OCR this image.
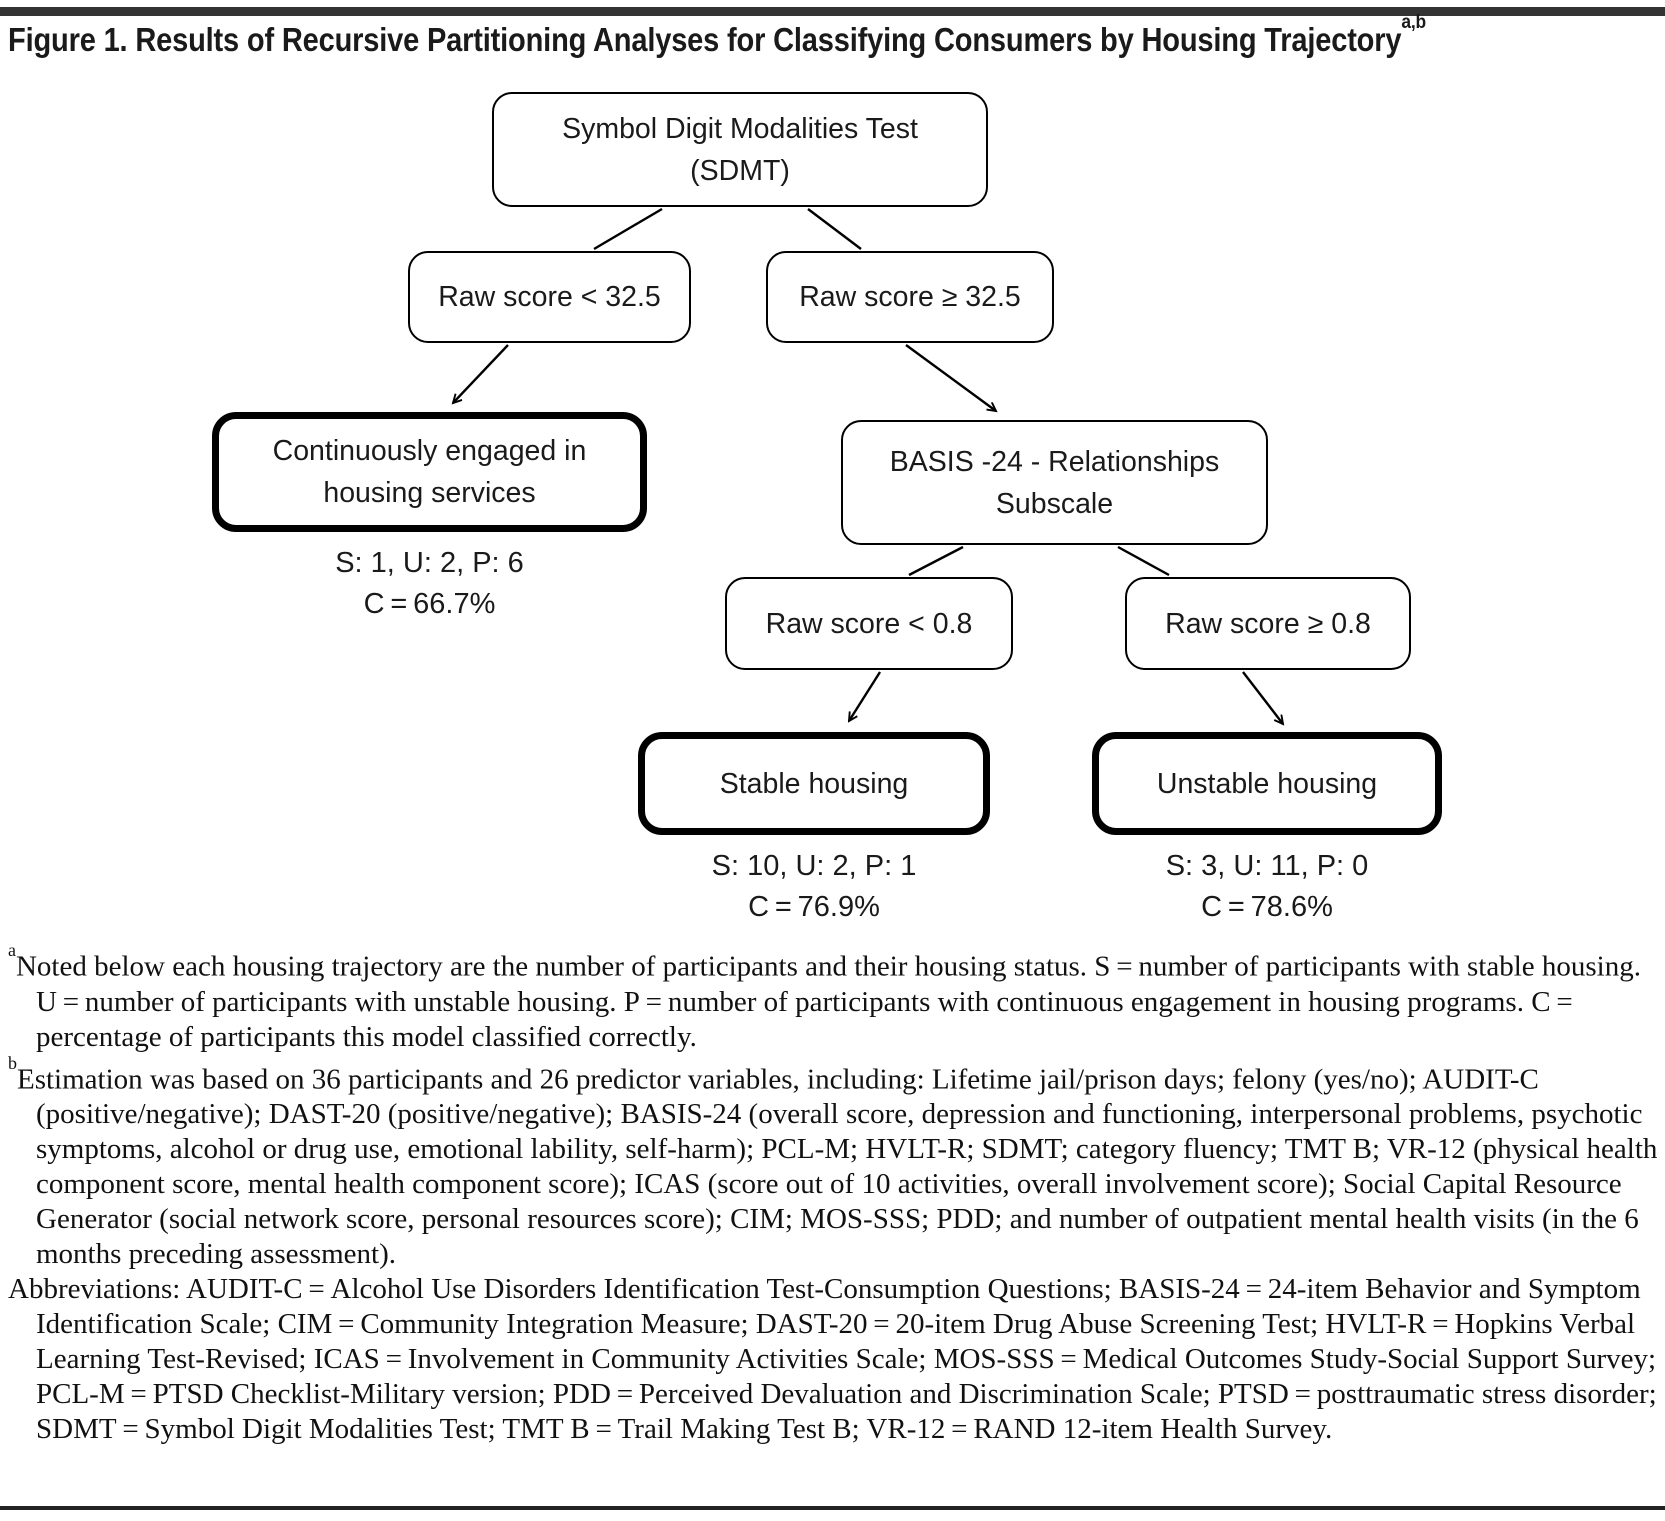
Figure 1. Results of Recursive Partitioning Analyses for Classifying Consumers by Housing Trajectory$^{a,b}$
Symbol Digit Modalities Test
(SDMT)
Raw score < 32.5	Raw score ≥ 32.5
Continuously engaged in
housing services
S: 1, U: 2, P: 6
C = 66.7%
BASIS -24 - Relationships
Subscale
Raw score < 0.8	Raw score ≥ 0.8
Stable housing
S: 10, U: 2, P: 1
C = 76.9%
Unstable housing
S: 3, U: 11, P: 0
C = 78.6%

$^a$Noted below each housing trajectory are the number of participants and their housing status. S = number of participants with stable housing. U = number of participants with unstable housing. P = number of participants with continuous engagement in housing programs. C = percentage of participants this model classified correctly.

$^b$Estimation was based on 36 participants and 26 predictor variables, including: Lifetime jail/prison days; felony (yes/no); AUDIT-C (positive/negative); DAST-20 (positive/negative); BASIS-24 (overall score, depression and functioning, interpersonal problems, psychotic symptoms, alcohol or drug use, emotional lability, self-harm); PCL-M; HVLT-R; SDMT; category fluency; TMT B; VR-12 (physical health component score, mental health component score); ICAS (score out of 10 activities, overall involvement score); Social Capital Resource Generator (social network score, personal resources score); CIM; MOS-SSS; PDD; and number of outpatient mental health visits (in the 6 months preceding assessment).

Abbreviations: AUDIT-C = Alcohol Use Disorders Identification Test-Consumption Questions; BASIS-24 = 24-item Behavior and Symptom Identification Scale; CIM = Community Integration Measure; DAST-20 = 20-item Drug Abuse Screening Test; HVLT-R = Hopkins Verbal Learning Test-Revised; ICAS = Involvement in Community Activities Scale; MOS-SSS = Medical Outcomes Study-Social Support Survey; PCL-M = PTSD Checklist-Military version; PDD = Perceived Devaluation and Discrimination Scale; PTSD = posttraumatic stress disorder; SDMT = Symbol Digit Modalities Test; TMT B = Trail Making Test B; VR-12 = RAND 12-item Health Survey.
